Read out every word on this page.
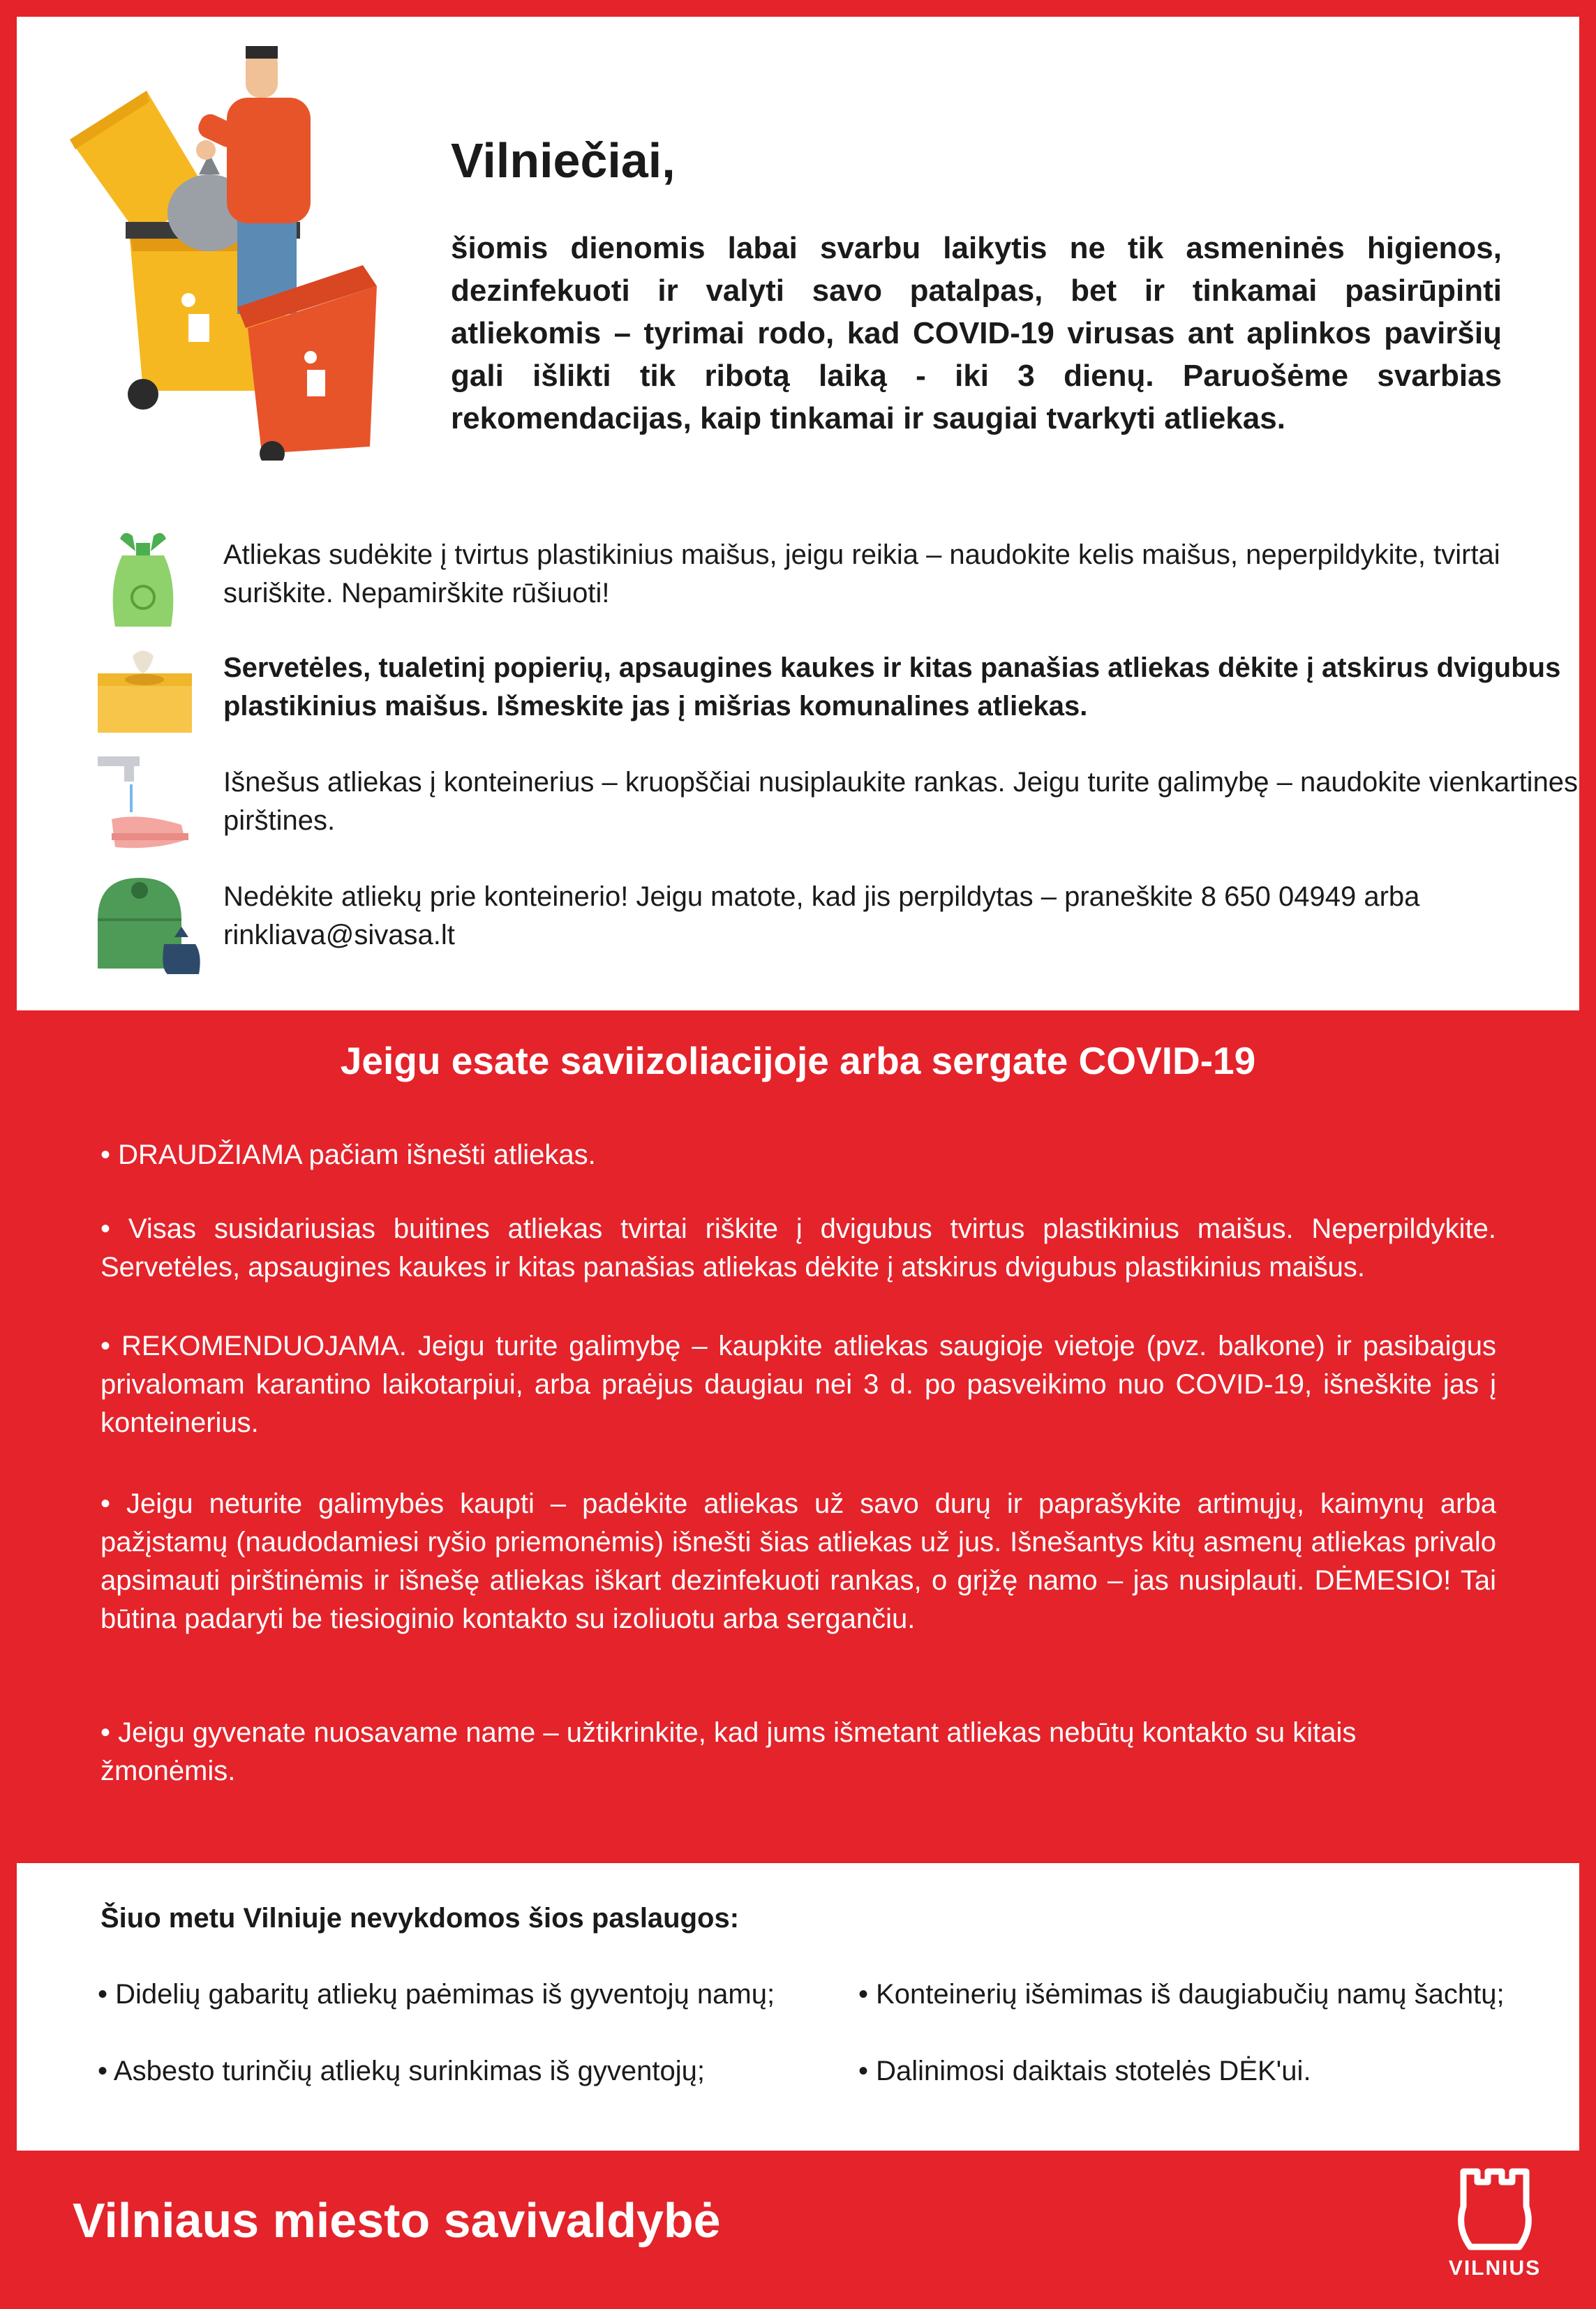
Vilniečiai,

šiomis dienomis labai svarbu laikytis ne tik asmeninės higienos, dezinfekuoti ir valyti savo patalpas, bet ir tinkamai pasirūpinti atliekomis – tyrimai rodo, kad COVID-19 virusas ant aplinkos paviršių gali išlikti tik ribotą laiką - iki 3 dienų. Paruošėme svarbias rekomendacijas, kaip tinkamai ir saugiai tvarkyti atliekas.

Atliekas sudėkite į tvirtus plastikinius maišus, jeigu reikia – naudokite kelis maišus, neperpildykite, tvirtai suriškite. Nepamirškite rūšiuoti!
Servetėles, tualetinį popierių, apsaugines kaukes ir kitas panašias atliekas dėkite į atskirus dvigubus plastikinius maišus. Išmeskite jas į mišrias komunalines atliekas.
Išnešus atliekas į konteinerius – kruopščiai nusiplaukite rankas. Jeigu turite galimybę – naudokite vienkartines pirštines.
Nedėkite atliekų prie konteinerio! Jeigu matote, kad jis perpildytas – praneškite 8 650 04949 arba rinkliava@sivasa.lt
Jeigu esate saviizoliacijoje arba sergate COVID-19

• DRAUDŽIAMA pačiam išnešti atliekas.

• Visas susidariusias buitines atliekas tvirtai riškite į dvigubus tvirtus plastikinius maišus. Neperpildykite. Servetėles, apsaugines kaukes ir kitas panašias atliekas dėkite į atskirus dvigubus plastikinius maišus.

• REKOMENDUOJAMA. Jeigu turite galimybę – kaupkite atliekas saugioje vietoje (pvz. balkone) ir pasibaigus privalomam karantino laikotarpiui, arba praėjus daugiau nei 3 d. po pasveikimo nuo COVID-19, išneškite jas į konteinerius.

• Jeigu neturite galimybės kaupti – padėkite atliekas už savo durų ir paprašykite artimųjų, kaimynų arba pažįstamų (naudodamiesi ryšio priemonėmis) išnešti šias atliekas už jus. Išnešantys kitų asmenų atliekas privalo apsimauti pirštinėmis ir išnešę atliekas iškart dezinfekuoti rankas, o grįžę namo – jas nusiplauti. DĖMESIO! Tai būtina padaryti be tiesioginio kontakto su izoliuotu arba sergančiu.

• Jeigu gyvenate nuosavame name – užtikrinkite, kad jums išmetant atliekas nebūtų kontakto su kitais žmonėmis.

Šiuo metu Vilniuje nevykdomos šios paslaugos:
• Didelių gabaritų atliekų paėmimas iš gyventojų namų;	• Konteinerių išėmimas iš daugiabučių namų šachtų;
• Asbesto turinčių atliekų surinkimas iš gyventojų;	• Dalinimosi daiktais stotelės DĖK'ui.
Vilniaus miesto savivaldybė
VILNIUS
